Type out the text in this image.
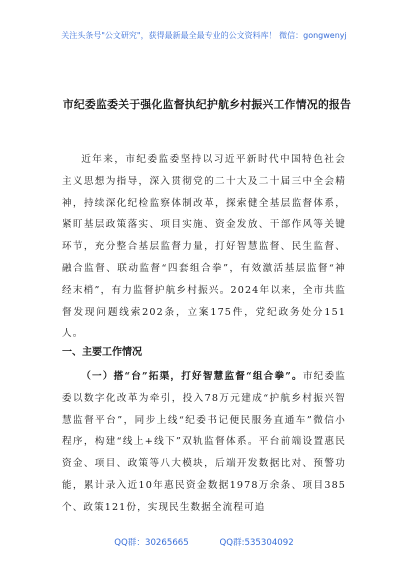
关注头条号"公文研究"，获得最新最全最专业的公文资料库！ 微信：gongwenyj
市纪委监委关于强化监督执纪护航乡村振兴工作情况的报告
近年来，市纪委监委坚持以习近平新时代中国特色社会主义思想为指导，深入贯彻党的二十大及二十届三中全会精神，持续深化纪检监察体制改革，探索健全基层监督体系，紧盯基层政策落实、项目实施、资金发放、干部作风等关键环节，充分整合基层监督力量，打好智慧监督、民生监督、融合监督、联动监督“四套组合拳”，有效激活基层监督“神经末梢”，有力监督护航乡村振兴。2024年以来，全市共监督发现问题线索202条，立案175件，党纪政务处分151人。
一、主要工作情况
（一）搭“台”拓渠，打好智慧监督“组合拳”。市纪委监委以数字化改革为牵引，投入78万元建成“护航乡村振兴智慧监督平台”，同步上线“纪委书记便民服务直通车”微信小程序，构建“线上+线下”双轨监督体系。平台前端设置惠民资金、项目、政策等八大模块，后端开发数据比对、预警功能，累计录入近10年惠民资金数据1978万余条、项目385个、政策121份，实现民生数据全流程可追
QQ群：30265665	QQ群:535304092
